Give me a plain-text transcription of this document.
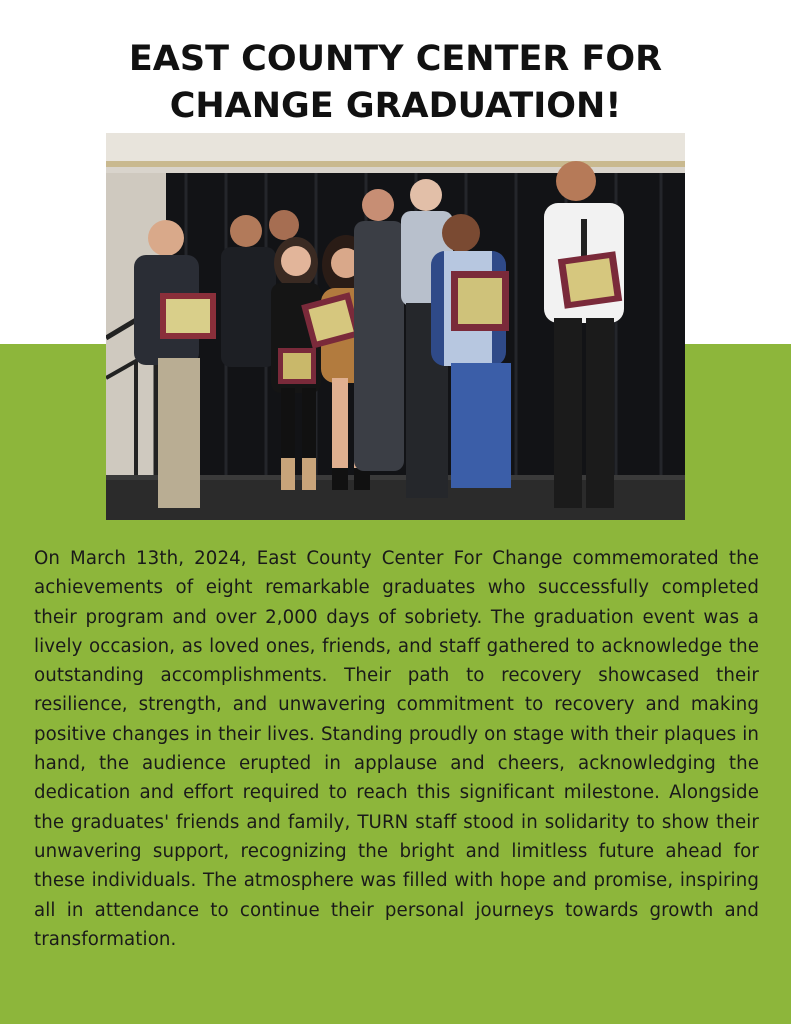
EAST COUNTY CENTER FOR
CHANGE GRADUATION!

On March 13th, 2024, East County Center For Change commemorated the achievements of eight remarkable graduates who successfully completed their program and over 2,000 days of sobriety. The graduation event was a lively occasion, as loved ones, friends, and staff gathered to acknowledge the outstanding accomplishments. Their path to recovery showcased their resilience, strength, and unwavering commitment to recovery and making positive changes in their lives. Standing proudly on stage with their plaques in hand, the audience erupted in applause and cheers, acknowledging the dedication and effort required to reach this significant milestone. Alongside the graduates' friends and family, TURN staff stood in solidarity to show their unwavering support, recognizing the bright and limitless future ahead for these individuals. The atmosphere was filled with hope and promise, inspiring all in attendance to continue their personal journeys towards growth and transformation.
